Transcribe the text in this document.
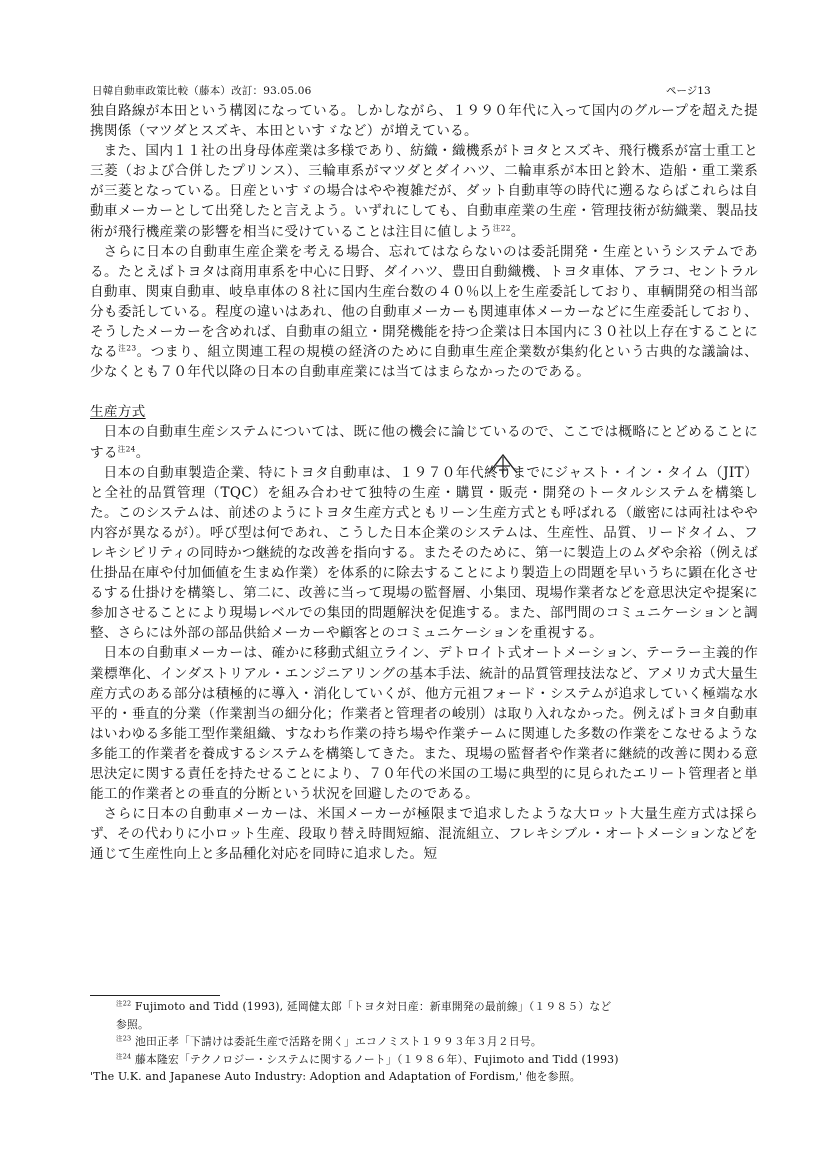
日韓自動車政策比較（藤本）改訂：93.05.06	ページ13

独自路線が本田という構図になっている。しかしながら、１９９０年代に入って国内のグループを超えた提携関係（マツダとスズキ、本田といすゞなど）が増えている。

また、国内１１社の出身母体産業は多様であり、紡織・織機系がトヨタとスズキ、飛行機系が富士重工と三菱（および合併したプリンス）、三輪車系がマツダとダイハツ、二輪車系が本田と鈴木、造船・重工業系が三菱となっている。日産といすゞの場合はやや複雑だが、ダット自動車等の時代に遡るならばこれらは自動車メーカーとして出発したと言えよう。いずれにしても、自動車産業の生産・管理技術が紡織業、製品技術が飛行機産業の影響を相当に受けていることは注目に値しよう$^{注22}$。

さらに日本の自動車生産企業を考える場合、忘れてはならないのは委託開発・生産というシステムである。たとえばトヨタは商用車系を中心に日野、ダイハツ、豊田自動織機、トヨタ車体、アラコ、セントラル自動車、関東自動車、岐阜車体の８社に国内生産台数の４０％以上を生産委託しており、車輌開発の相当部分も委託している。程度の違いはあれ、他の自動車メーカーも関連車体メーカーなどに生産委託しており、そうしたメーカーを含めれば、自動車の組立・開発機能を持つ企業は日本国内に３０社以上存在することになる$^{注23}$。つまり、組立関連工程の規模の経済のために自動車生産企業数が集約化という古典的な議論は、少なくとも７０年代以降の日本の自動車産業には当てはまらなかったのである。

生産方式

日本の自動車生産システムについては、既に他の機会に論じているので、ここでは概略にとどめることにする$^{注24}$。

日本の自動車製造企業、特にトヨタ自動車は、１９７０年代終りまでにジャスト・イン・タイム（JIT）と全社的品質管理（TQC）を組み合わせて独特の生産・購買・販売・開発のトータルシステムを構築した。このシステムは、前述のようにトヨタ生産方式ともリーン生産方式とも呼ばれる（厳密には両社はやや内容が異なるが）。呼び型は何であれ、こうした日本企業のシステムは、生産性、品質、リードタイム、フレキシビリティの同時かつ継続的な改善を指向する。またそのために、第一に製造上のムダや余裕（例えば仕掛品在庫や付加価値を生まぬ作業）を体系的に除去することにより製造上の問題を早いうちに顕在化させるする仕掛けを構築し、第二に、改善に当って現場の監督層、小集団、現場作業者などを意思決定や提案に参加させることにより現場レベルでの集団的問題解決を促進する。また、部門間のコミュニケーションと調整、さらには外部の部品供給メーカーや顧客とのコミュニケーションを重視する。

日本の自動車メーカーは、確かに移動式組立ライン、デトロイト式オートメーション、テーラー主義的作業標準化、インダストリアル・エンジニアリングの基本手法、統計的品質管理技法など、アメリカ式大量生産方式のある部分は積極的に導入・消化していくが、他方元祖フォード・システムが追求していく極端な水平的・垂直的分業（作業割当の細分化；作業者と管理者の峻別）は取り入れなかった。例えばトヨタ自動車はいわゆる多能工型作業組織、すなわち作業の持ち場や作業チームに関連した多数の作業をこなせるような多能工的作業者を養成するシステムを構築してきた。また、現場の監督者や作業者に継続的改善に関わる意思決定に関する責任を持たせることにより、７０年代の米国の工場に典型的に見られたエリート管理者と単能工的作業者との垂直的分断という状況を回避したのである。

さらに日本の自動車メーカーは、米国メーカーが極限まで追求したような大ロット大量生産方式は採らず、その代わりに小ロット生産、段取り替え時間短縮、混流組立、フレキシブル・オートメーションなどを通じて生産性向上と多品種化対応を同時に追求した。短

$^{注22}$ Fujimoto and Tidd (1993), 延岡健太郎「トヨタ対日産：新車開発の最前線」（１９８５）など

参照。

$^{注23}$ 池田正孝「下請けは委託生産で活路を開く」エコノミスト１９９３年３月２日号。

$^{注24}$ 藤本隆宏「テクノロジー・システムに関するノート」（１９８６年）、Fujimoto and Tidd (1993)

'The U.K. and Japanese Auto Industry: Adoption and Adaptation of Fordism,' 他を参照。
